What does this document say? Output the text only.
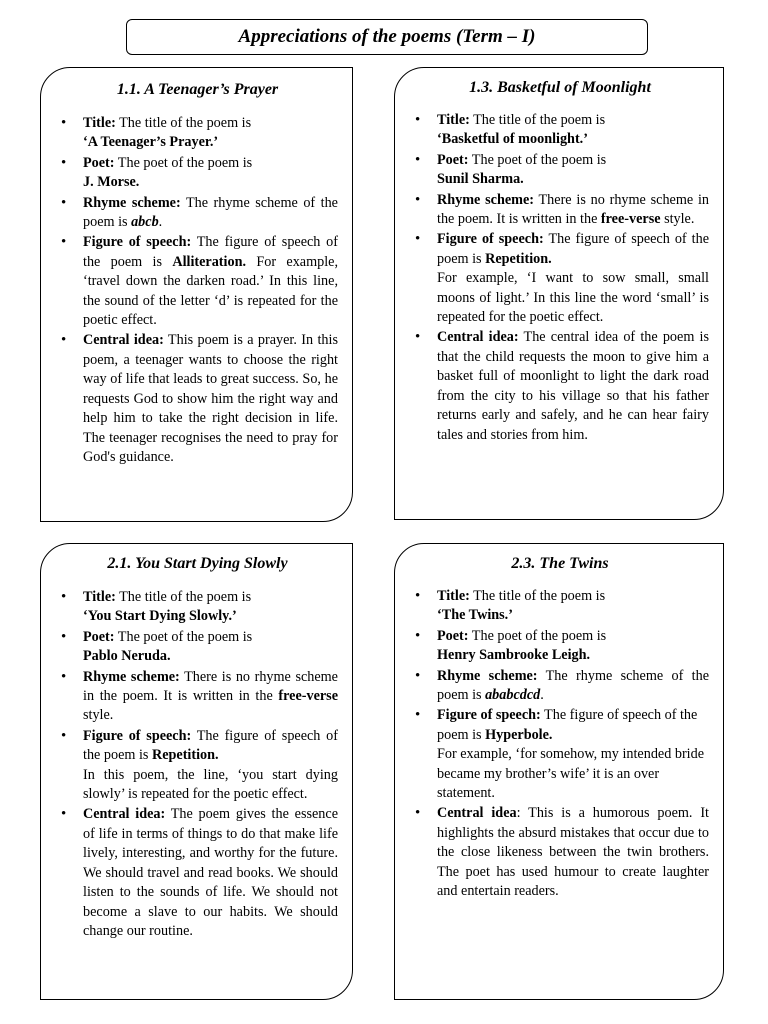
Appreciations of the poems (Term – I)
1.1. A Teenager’s Prayer
• Title: The title of the poem is
‘A Teenager’s Prayer.’
• Poet: The poet of the poem is
J. Morse.
• Rhyme scheme: The rhyme scheme of the poem is abcb.
• Figure of speech: The figure of speech of the poem is Alliteration. For example, ‘travel down the darken road.’ In this line, the sound of the letter ‘d’ is repeated for the poetic effect.
• Central idea: This poem is a prayer. In this poem, a teenager wants to choose the right way of life that leads to great success. So, he requests God to show him the right way and help him to take the right decision in life. The teenager recognises the need to pray for God's guidance.
1.3. Basketful of Moonlight
• Title: The title of the poem is
‘Basketful of moonlight.’
• Poet: The poet of the poem is
Sunil Sharma.
• Rhyme scheme: There is no rhyme scheme in the poem. It is written in the free-verse style.
• Figure of speech: The figure of speech of the poem is Repetition.
For example, ‘I want to sow small, small moons of light.’ In this line the word ‘small’ is repeated for the poetic effect.
• Central idea: The central idea of the poem is that the child requests the moon to give him a basket full of moonlight to light the dark road from the city to his village so that his father returns early and safely, and he can hear fairy tales and stories from him.
2.1. You Start Dying Slowly
• Title: The title of the poem is
‘You Start Dying Slowly.’
• Poet: The poet of the poem is
Pablo Neruda.
• Rhyme scheme: There is no rhyme scheme in the poem. It is written in the free-verse style.
• Figure of speech: The figure of speech of the poem is Repetition.
In this poem, the line, ‘you start dying slowly’ is repeated for the poetic effect.
• Central idea: The poem gives the essence of life in terms of things to do that make life lively, interesting, and worthy for the future. We should travel and read books. We should listen to the sounds of life. We should not become a slave to our habits. We should change our routine.
2.3. The Twins
• Title: The title of the poem is
‘The Twins.’
• Poet: The poet of the poem is
Henry Sambrooke Leigh.
• Rhyme scheme: The rhyme scheme of the poem is ababcdcd.
• Figure of speech: The figure of speech of the poem is Hyperbole.
For example, ‘for somehow, my intended bride became my brother’s wife’ it is an over statement.
• Central idea: This is a humorous poem. It highlights the absurd mistakes that occur due to the close likeness between the twin brothers. The poet has used humour to create laughter and entertain readers.
